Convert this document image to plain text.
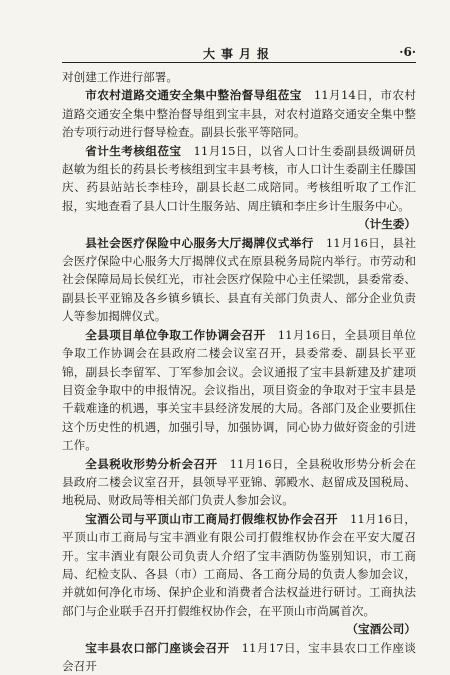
大事月报	·6·

对创建工作进行部署。

市农村道路交通安全集中整治督导组莅宝　11月14日，市农村道路交通安全集中整治督导组到宝丰县，对农村道路交通安全集中整治专项行动进行督导检查。副县长张平等陪同。

省计生考核组莅宝　11月15日，以省人口计生委副县级调研员赵敏为组长的药县长考核组到宝丰县考核，市人口计生委副主任滕国庆、药县站站长李桂玲，副县长赵二成陪同。考核组听取了工作汇报，实地查看了县人口计生服务站、周庄镇和李庄乡计生服务中心。
（计生委）

县社会医疗保险中心服务大厅揭牌仪式举行　11月16日，县社会医疗保险中心服务大厅揭牌仪式在原县税务局院内举行。市劳动和社会保障局局长侯红光，市社会医疗保险中心主任梁凯，县委常委、副县长平亚锦及各乡镇乡镇长、县直有关部门负责人、部分企业负责人等参加揭牌仪式。

全县项目单位争取工作协调会召开　11月16日，全县项目单位争取工作协调会在县政府二楼会议室召开，县委常委、副县长平亚锦，副县长李留军、丁军参加会议。会议通报了宝丰县新建及扩建项目资金争取中的申报情况。会议指出，项目资金的争取对于宝丰县是千载难逢的机遇，事关宝丰县经济发展的大局。各部门及企业要抓住这个历史性的机遇，加强引导，加强协调，同心协力做好资金的引进工作。

全县税收形势分析会召开　11月16日，全县税收形势分析会在县政府二楼会议室召开，县领导平亚锦、郭殿水、赵留成及国税局、地税局、财政局等相关部门负责人参加会议。

宝酒公司与平顶山市工商局打假维权协作会召开　11月16日，平顶山市工商局与宝丰酒业有限公司打假维权协作会在平安大厦召开。宝丰酒业有限公司负责人介绍了宝丰酒防伪鉴别知识，市工商局、纪检支队、各县（市）工商局、各工商分局的负责人参加会议，并就如何净化市场、保护企业和消费者合法权益进行研讨。工商执法部门与企业联手召开打假维权协作会，在平顶山市尚属首次。
（宝酒公司）

宝丰县农口部门座谈会召开　11月17日，宝丰县农口工作座谈会召开
